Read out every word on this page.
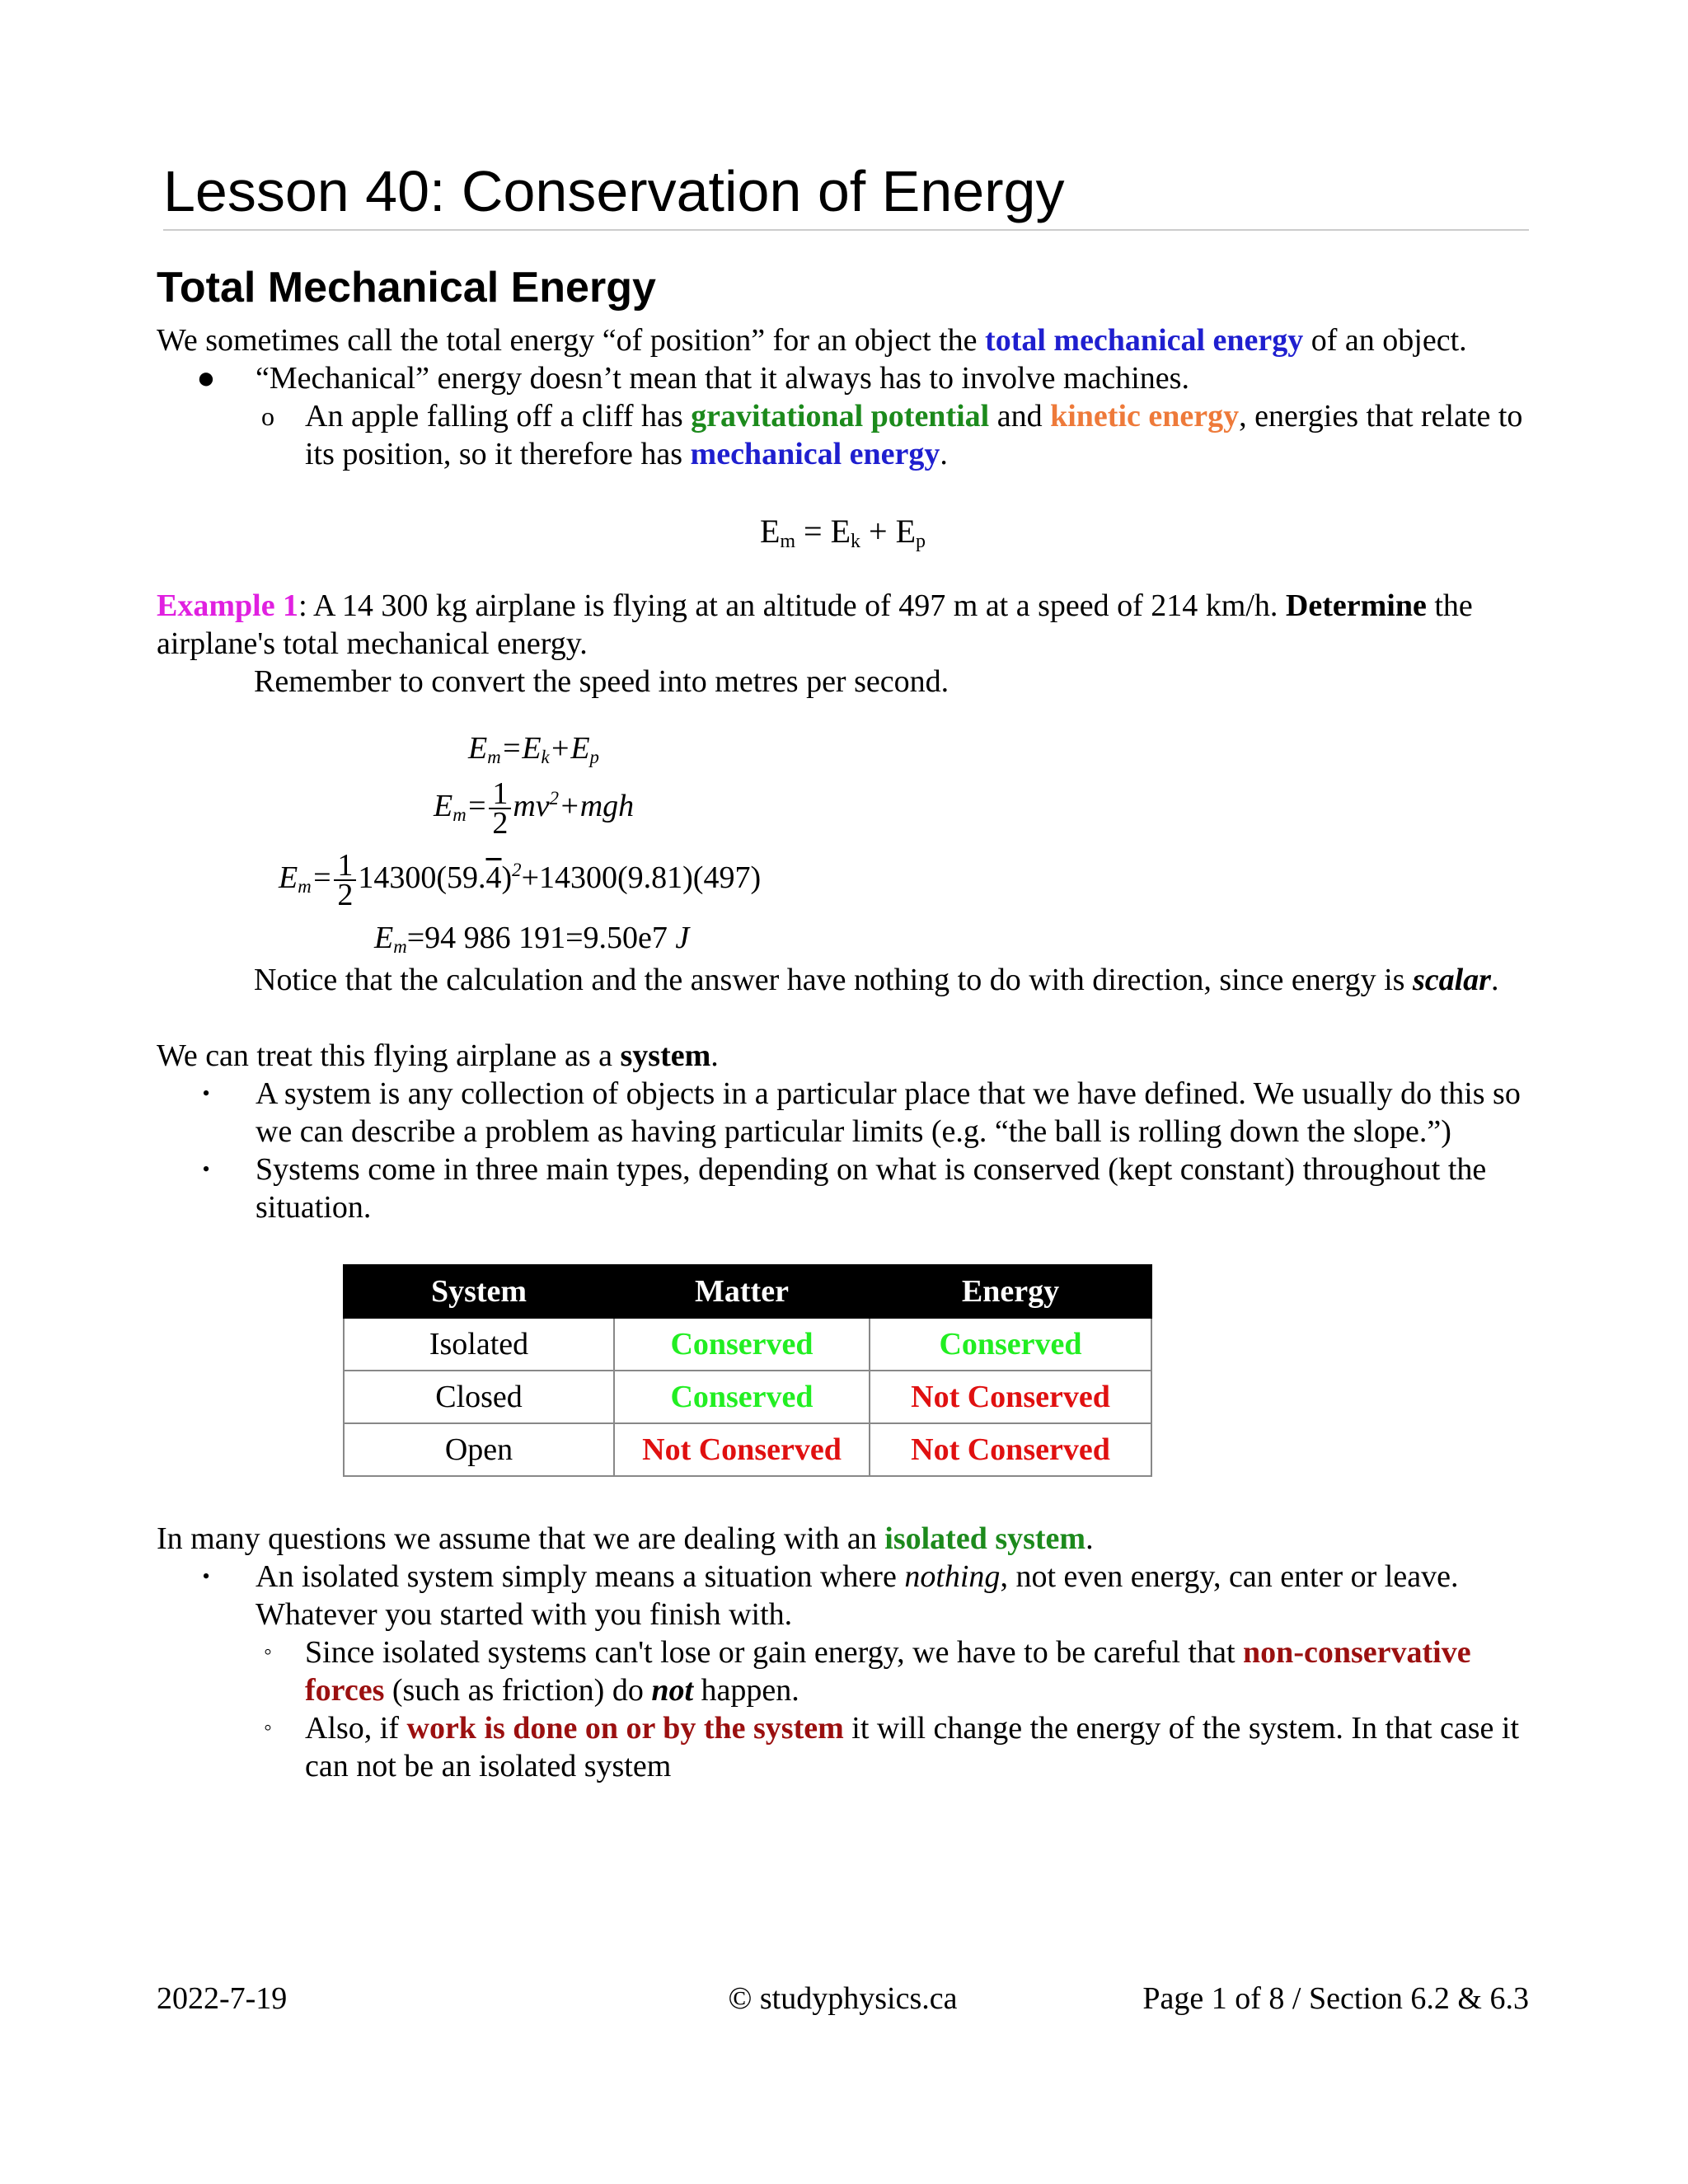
Lesson 40: Conservation of Energy
Total Mechanical Energy

We sometimes call the total energy “of position” for an object the total mechanical energy of an object.

● “Mechanical” energy doesn’t mean that it always has to involve machines.
o An apple falling off a cliff has gravitational potential and kinetic energy, energies that relate to its position, so it therefore has mechanical energy.
$E_m = E_k + E_p$

Example 1: A 14 300 kg airplane is flying at an altitude of 497 m at a speed of 214 km/h. Determine the airplane's total mechanical energy.

Remember to convert the speed into metres per second.

$E_m=E_k+E_p$
$E_m= \frac{1}{2} mv^2+mgh$
$E_m= \frac{1}{2} 14300(59.4)^2+14300(9.81)(497)$
$E_m=94$ 986 191=9.50e7 J

Notice that the calculation and the answer have nothing to do with direction, since energy is scalar.

We can treat this flying airplane as a system.

• A system is any collection of objects in a particular place that we have defined. We usually do this so we can describe a problem as having particular limits (e.g. “the ball is rolling down the slope.”)
• Systems come in three main types, depending on what is conserved (kept constant) throughout the situation.
System	Matter	Energy
Isolated	Conserved	Conserved
Closed	Conserved	Not Conserved
Open	Not Conserved	Not Conserved

In many questions we assume that we are dealing with an isolated system.

• An isolated system simply means a situation where nothing, not even energy, can enter or leave. Whatever you started with you finish with.
◦ Since isolated systems can't lose or gain energy, we have to be careful that non-conservative forces (such as friction) do not happen.
◦ Also, if work is done on or by the system it will change the energy of the system. In that case it can not be an isolated system
2022-7-19	© studyphysics.ca	Page 1 of 8 / Section 6.2 & 6.3
